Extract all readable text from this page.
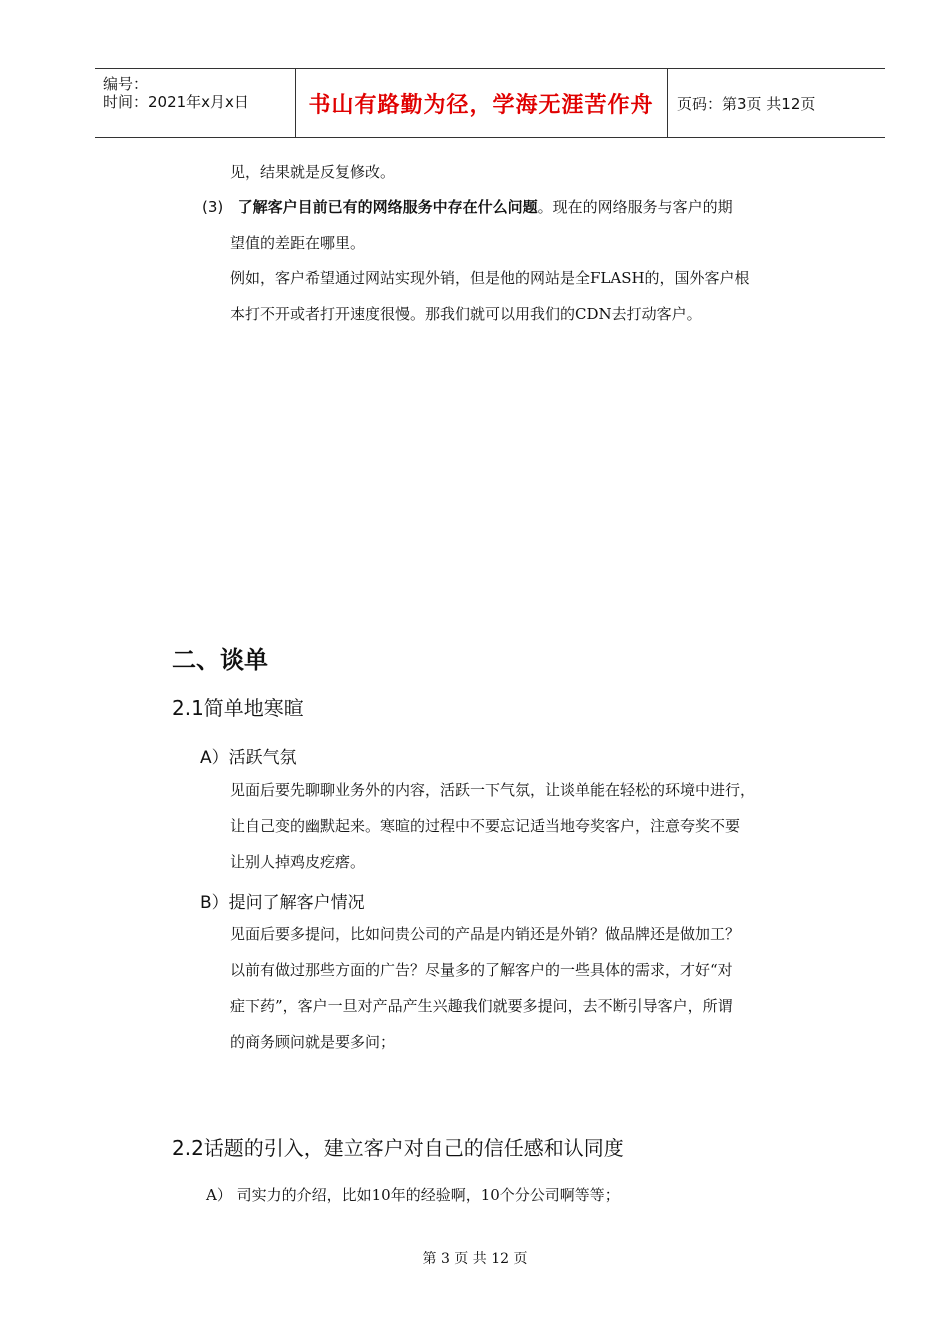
编号：
时间：2021年x月x日	书山有路勤为径，学海无涯苦作舟	页码：第3页 共12页
见，结果就是反复修改。
(3) 了解客户目前已有的网络服务中存在什么问题。现在的网络服务与客户的期
望值的差距在哪里。
例如，客户希望通过网站实现外销，但是他的网站是全FLASH的，国外客户根
本打不开或者打开速度很慢。那我们就可以用我们的CDN去打动客户。
二、谈单
2.1简单地寒暄
A）活跃气氛
见面后要先聊聊业务外的内容，活跃一下气氛，让谈单能在轻松的环境中进行，
让自己变的幽默起来。寒暄的过程中不要忘记适当地夸奖客户，注意夸奖不要
让别人掉鸡皮疙瘩。
B）提问了解客户情况
见面后要多提问，比如问贵公司的产品是内销还是外销？做品牌还是做加工？
以前有做过那些方面的广告？尽量多的了解客户的一些具体的需求，才好“对
症下药”，客户一旦对产品产生兴趣我们就要多提问，去不断引导客户，所谓
的商务顾问就是要多问；
2.2话题的引入，建立客户对自己的信任感和认同度
A） 司实力的介绍，比如10年的经验啊，10个分公司啊等等；
第 3 页 共 12 页
